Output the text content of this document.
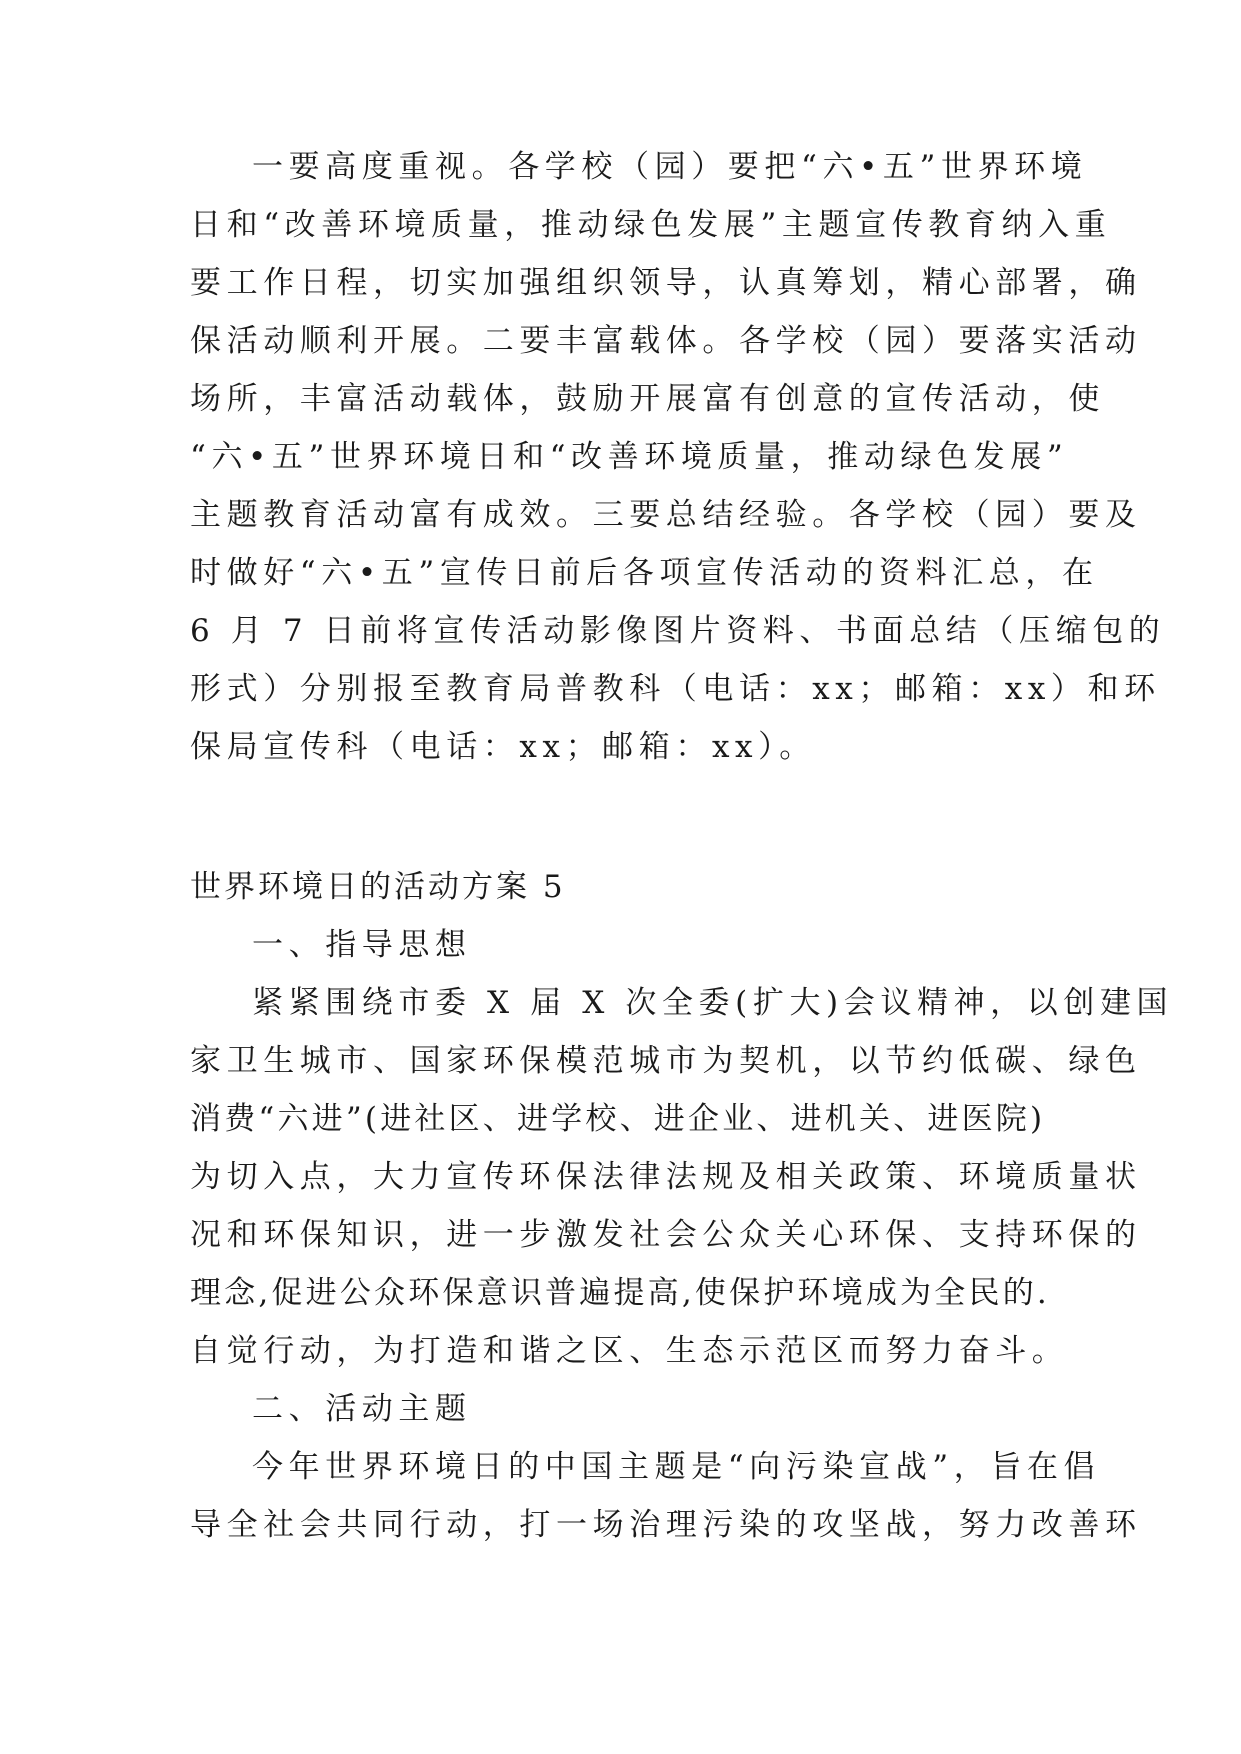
一要高度重视。各学校（园）要把“六•五”世界环境
日和“改善环境质量，推动绿色发展”主题宣传教育纳入重
要工作日程，切实加强组织领导，认真筹划，精心部署，确
保活动顺利开展。二要丰富载体。各学校（园）要落实活动
场所，丰富活动载体，鼓励开展富有创意的宣传活动，使
“六•五”世界环境日和“改善环境质量，推动绿色发展”
主题教育活动富有成效。三要总结经验。各学校（园）要及
时做好“六•五”宣传日前后各项宣传活动的资料汇总，在
6 月 7 日前将宣传活动影像图片资料、书面总结（压缩包的
形式）分别报至教育局普教科（电话：xx；邮箱：xx）和环
保局宣传科（电话：xx；邮箱：xx）。
世界环境日的活动方案 5
一、指导思想
紧紧围绕市委 X 届 X 次全委(扩大)会议精神，以创建国
家卫生城市、国家环保模范城市为契机，以节约低碳、绿色
消费“六进”(进社区、进学校、进企业、进机关、进医院)
为切入点，大力宣传环保法律法规及相关政策、环境质量状
况和环保知识，进一步激发社会公众关心环保、支持环保的
理念,促进公众环保意识普遍提高,使保护环境成为全民的.
自觉行动，为打造和谐之区、生态示范区而努力奋斗。
二、活动主题
今年世界环境日的中国主题是“向污染宣战”，旨在倡
导全社会共同行动，打一场治理污染的攻坚战，努力改善环
